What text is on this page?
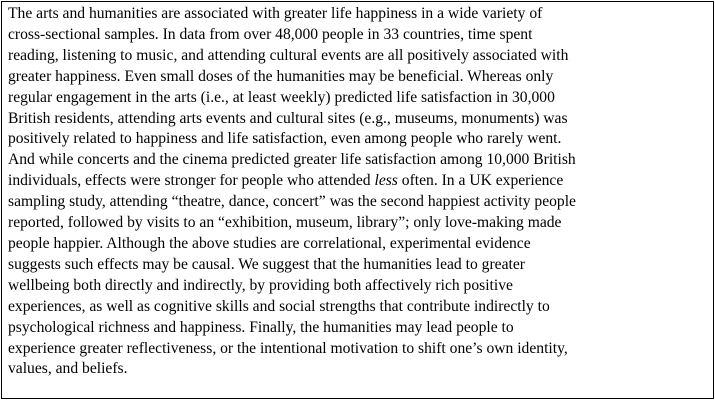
The arts and humanities are associated with greater life happiness in a wide variety of
cross-sectional samples. In data from over 48,000 people in 33 countries, time spent
reading, listening to music, and attending cultural events are all positively associated with
greater happiness. Even small doses of the humanities may be beneficial. Whereas only
regular engagement in the arts (i.e., at least weekly) predicted life satisfaction in 30,000
British residents, attending arts events and cultural sites (e.g., museums, monuments) was
positively related to happiness and life satisfaction, even among people who rarely went.
And while concerts and the cinema predicted greater life satisfaction among 10,000 British
individuals, effects were stronger for people who attended less often. In a UK experience
sampling study, attending “theatre, dance, concert” was the second happiest activity people
reported, followed by visits to an “exhibition, museum, library”; only love-making made
people happier. Although the above studies are correlational, experimental evidence
suggests such effects may be causal. We suggest that the humanities lead to greater
wellbeing both directly and indirectly, by providing both affectively rich positive
experiences, as well as cognitive skills and social strengths that contribute indirectly to
psychological richness and happiness. Finally, the humanities may lead people to
experience greater reflectiveness, or the intentional motivation to shift one’s own identity,
values, and beliefs.
